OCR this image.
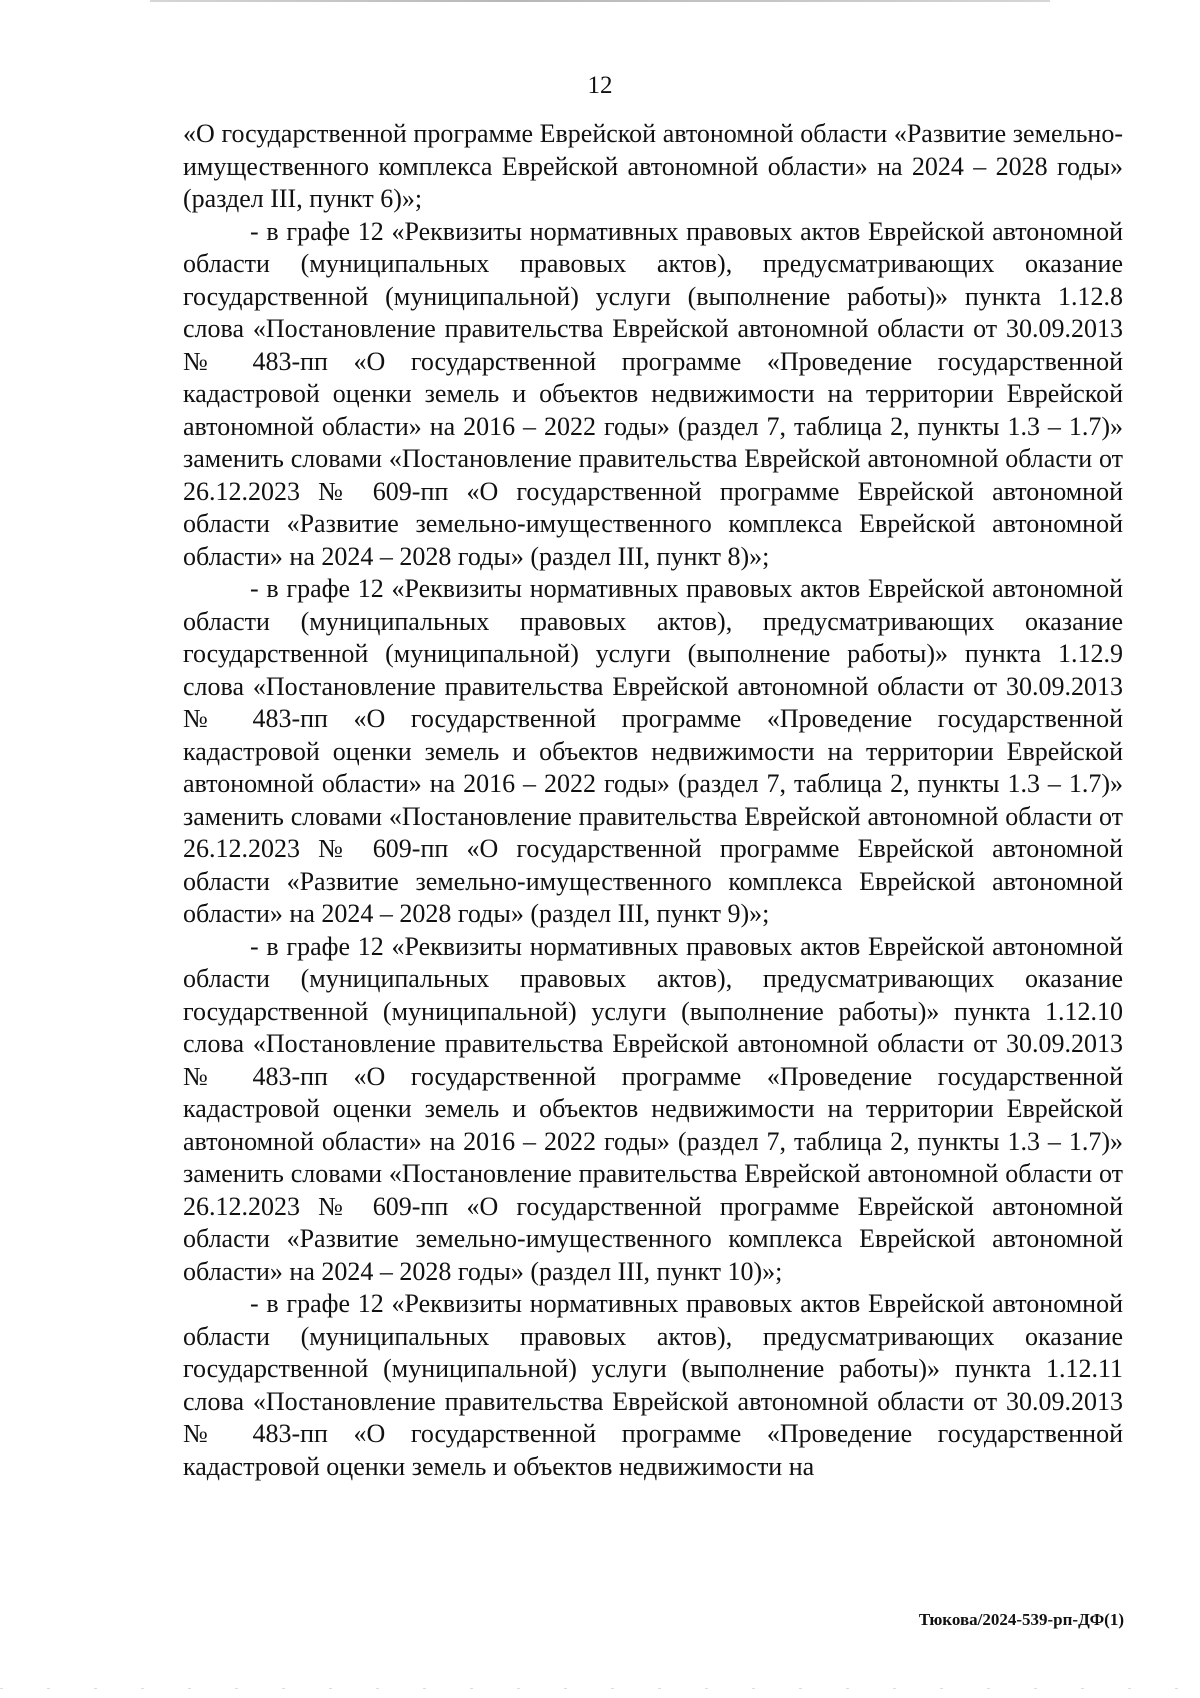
12

«О государственной программе Еврейской автономной области «Развитие земельно-имущественного комплекса Еврейской автономной области» на 2024 – 2028 годы» (раздел III, пункт 6)»;

- в графе 12 «Реквизиты нормативных правовых актов Еврейской автономной области (муниципальных правовых актов), предусматривающих оказание государственной (муниципальной) услуги (выполнение работы)» пункта 1.12.8 слова «Постановление правительства Еврейской автономной области от 30.09.2013 № 483-пп «О государственной программе «Проведение государственной кадастровой оценки земель и объектов недвижимости на территории Еврейской автономной области» на 2016 – 2022 годы» (раздел 7, таблица 2, пункты 1.3 – 1.7)» заменить словами «Постановление правительства Еврейской автономной области от 26.12.2023 № 609-пп «О государственной программе Еврейской автономной области «Развитие земельно-имущественного комплекса Еврейской автономной области» на 2024 – 2028 годы» (раздел III, пункт 8)»;

- в графе 12 «Реквизиты нормативных правовых актов Еврейской автономной области (муниципальных правовых актов), предусматривающих оказание государственной (муниципальной) услуги (выполнение работы)» пункта 1.12.9 слова «Постановление правительства Еврейской автономной области от 30.09.2013 № 483-пп «О государственной программе «Проведение государственной кадастровой оценки земель и объектов недвижимости на территории Еврейской автономной области» на 2016 – 2022 годы» (раздел 7, таблица 2, пункты 1.3 – 1.7)» заменить словами «Постановление правительства Еврейской автономной области от 26.12.2023 № 609-пп «О государственной программе Еврейской автономной области «Развитие земельно-имущественного комплекса Еврейской автономной области» на 2024 – 2028 годы» (раздел III, пункт 9)»;

- в графе 12 «Реквизиты нормативных правовых актов Еврейской автономной области (муниципальных правовых актов), предусматривающих оказание государственной (муниципальной) услуги (выполнение работы)» пункта 1.12.10 слова «Постановление правительства Еврейской автономной области от 30.09.2013 № 483-пп «О государственной программе «Проведение государственной кадастровой оценки земель и объектов недвижимости на территории Еврейской автономной области» на 2016 – 2022 годы» (раздел 7, таблица 2, пункты 1.3 – 1.7)» заменить словами «Постановление правительства Еврейской автономной области от 26.12.2023 № 609-пп «О государственной программе Еврейской автономной области «Развитие земельно-имущественного комплекса Еврейской автономной области» на 2024 – 2028 годы» (раздел III, пункт 10)»;

- в графе 12 «Реквизиты нормативных правовых актов Еврейской автономной области (муниципальных правовых актов), предусматривающих оказание государственной (муниципальной) услуги (выполнение работы)» пункта 1.12.11 слова «Постановление правительства Еврейской автономной области от 30.09.2013 № 483-пп «О государственной программе «Проведение государственной кадастровой оценки земель и объектов недвижимости на

Тюкова/2024-539-рп-ДФ(1)
